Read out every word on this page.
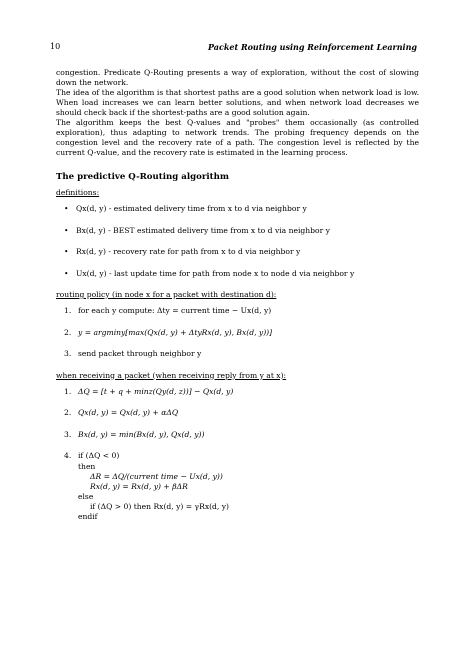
10	Packet Routing using Reinforcement Learning

congestion. Predicate Q-Routing presents a way of exploration, without the cost of slowing down the network.

The idea of the algorithm is that shortest paths are a good solution when network load is low. When load increases we can learn better solutions, and when network load decreases we should check back if the shortest-paths are a good solution again.

The algorithm keeps the best Q-values and "probes" them occasionally (as controlled exploration), thus adapting to network trends. The probing frequency depends on the congestion level and the recovery rate of a path. The congestion level is reflected by the current Q-value, and the recovery rate is estimated in the learning process.

The predictive Q-Routing algorithm
definitions:
• Qx(d, y) - estimated delivery time from x to d via neighbor y
• Bx(d, y) - BEST estimated delivery time from x to d via neighbor y
• Rx(d, y) - recovery rate for path from x to d via neighbor y
• Ux(d, y) - last update time for path from node x to node d via neighbor y
routing policy (in node x for a packet with destination d):
1. for each y compute: Δty = current time − Ux(d, y)
2. y = argminy[max(Qx(d, y) + ΔtyRx(d, y), Bx(d, y))]
3. send packet through neighbor y
when receiving a packet (when receiving reply from y at x):
1. ΔQ = [t + q + minz(Qy(d, z))] − Qx(d, y)
2. Qx(d, y) = Qx(d, y) + αΔQ
3. Bx(d, y) = min(Bx(d, y), Qx(d, y))
4. if (ΔQ < 0)
then
ΔR = ΔQ/(current time − Ux(d, y))
Rx(d, y) = Rx(d, y) + βΔR
else
if (ΔQ > 0) then Rx(d, y) = γRx(d, y)
endif
